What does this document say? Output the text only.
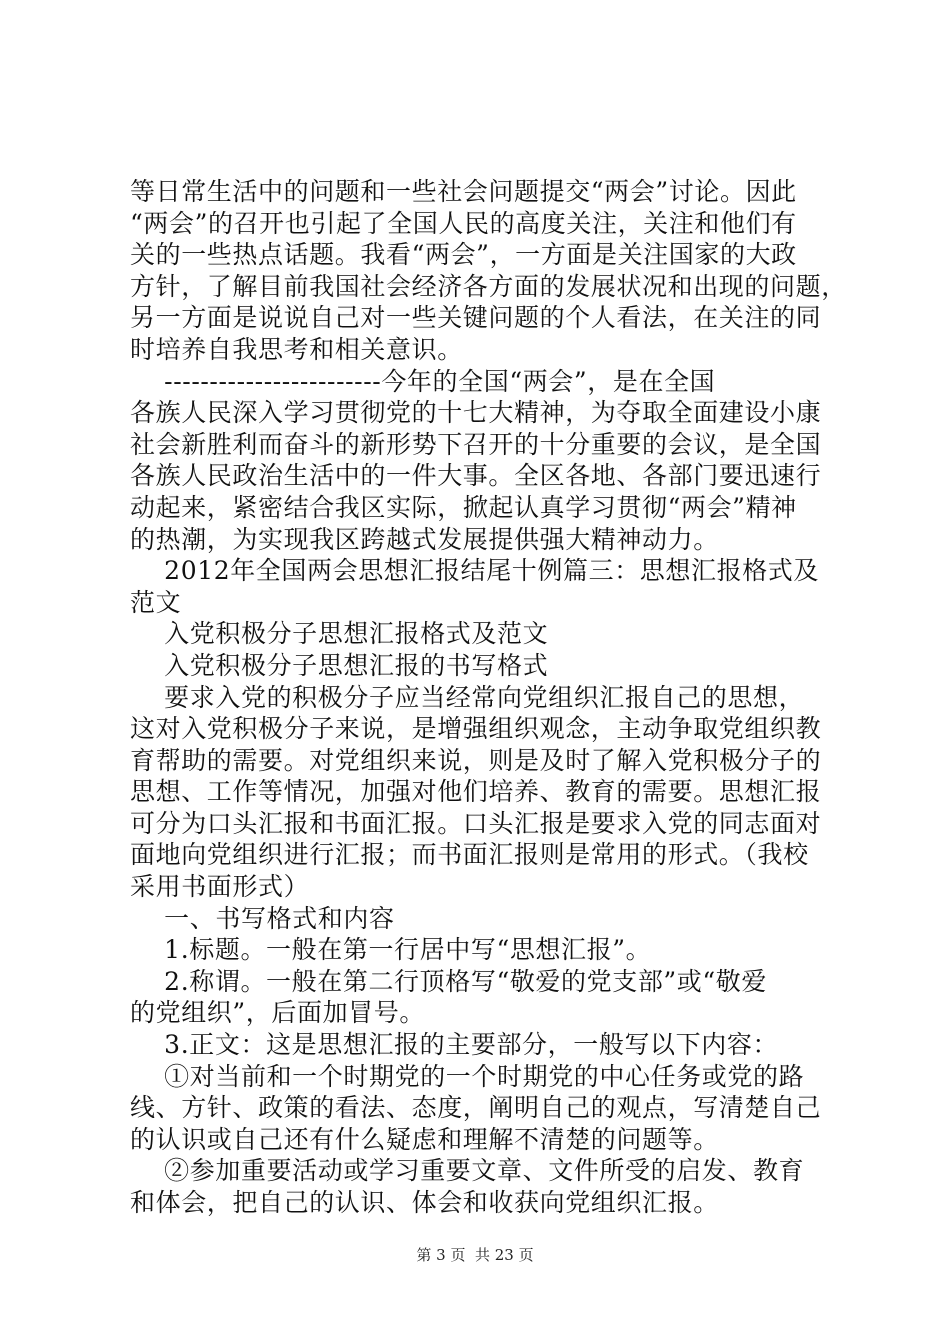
等日常生活中的问题和一些社会问题提交“两会”讨论。因此
“两会”的召开也引起了全国人民的高度关注，关注和他们有
关的一些热点话题。我看“两会”，一方面是关注国家的大政
方针，了解目前我国社会经济各方面的发展状况和出现的问题，
另一方面是说说自己对一些关键问题的个人看法，在关注的同
时培养自我思考和相关意识。
------------------------今年的全国“两会”，是在全国
各族人民深入学习贯彻党的十七大精神，为夺取全面建设小康
社会新胜利而奋斗的新形势下召开的十分重要的会议，是全国
各族人民政治生活中的一件大事。全区各地、各部门要迅速行
动起来，紧密结合我区实际，掀起认真学习贯彻“两会”精神
的热潮，为实现我区跨越式发展提供强大精神动力。
2012年全国两会思想汇报结尾十例篇三：思想汇报格式及
范文
入党积极分子思想汇报格式及范文
入党积极分子思想汇报的书写格式
要求入党的积极分子应当经常向党组织汇报自己的思想，
这对入党积极分子来说，是增强组织观念，主动争取党组织教
育帮助的需要。对党组织来说，则是及时了解入党积极分子的
思想、工作等情况，加强对他们培养、教育的需要。思想汇报
可分为口头汇报和书面汇报。口头汇报是要求入党的同志面对
面地向党组织进行汇报；而书面汇报则是常用的形式。（我校
采用书面形式）
一、书写格式和内容
1.标题。一般在第一行居中写“思想汇报”。
2.称谓。一般在第二行顶格写“敬爱的党支部”或“敬爱
的党组织”，后面加冒号。
3.正文：这是思想汇报的主要部分，一般写以下内容：
①对当前和一个时期党的一个时期党的中心任务或党的路
线、方针、政策的看法、态度，阐明自己的观点，写清楚自己
的认识或自己还有什么疑虑和理解不清楚的问题等。
②参加重要活动或学习重要文章、文件所受的启发、教育
和体会，把自己的认识、体会和收获向党组织汇报。
第 3 页  共 23 页
